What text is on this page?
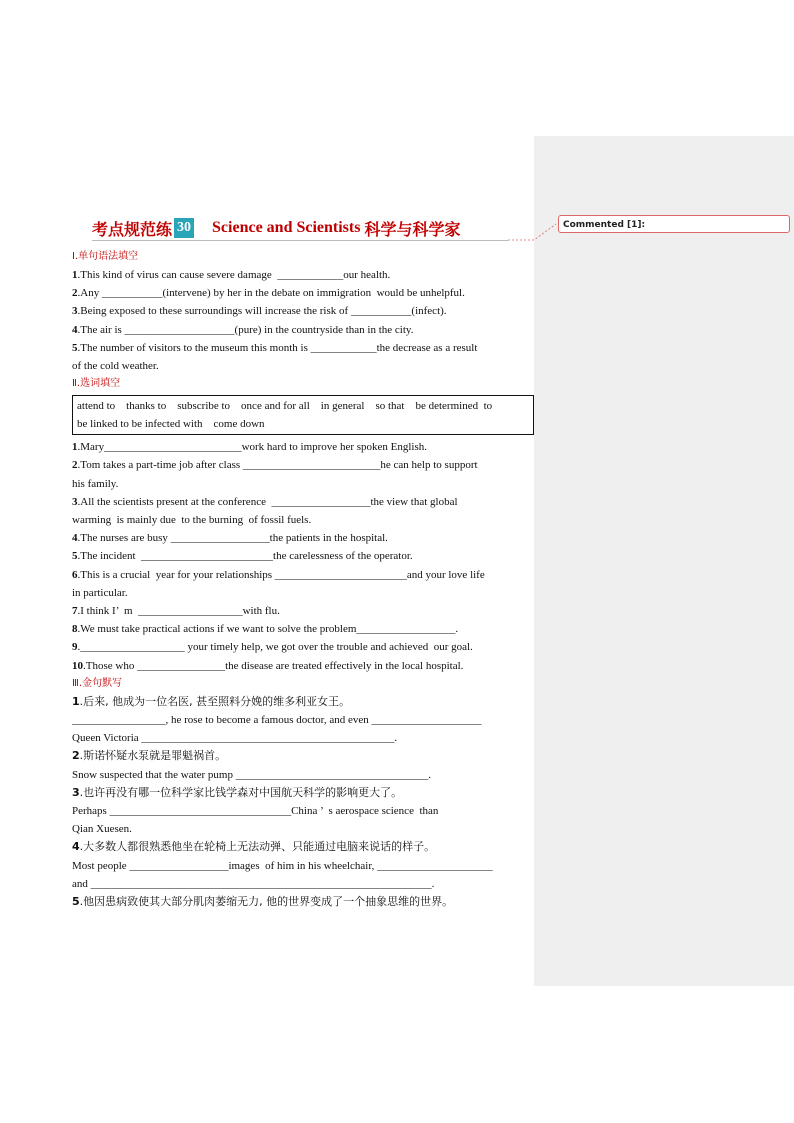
Commented [1]:
考点规范练 30 Science and Scientists 科学与科学家
Ⅰ.单句语法填空
1.This kind of virus can cause severe damage  ____________our health.
2.Any ___________(intervene) by her in the debate on immigration  would be unhelpful.
3.Being exposed to these surroundings will increase the risk of ___________(infect).
4.The air is ____________________(pure) in the countryside than in the city.
5.The number of visitors to the museum this month is ____________the decrease as a result
of the cold weather.
Ⅱ.选词填空
attend to    thanks to    subscribe to    once and for all    in general    so that    be determined  to
be linked to be infected with    come down
1.Mary_________________________work hard to improve her spoken English.
2.Tom takes a part-time job after class _________________________he can help to support
his family.
3.All the scientists present at the conference  __________________the view that global
warming  is mainly due  to the burning  of fossil fuels.
4.The nurses are busy __________________the patients in the hospital.
5.The incident  ________________________the carelessness of the operator.
6.This is a crucial  year for your relationships ________________________and your love life
in particular.
7.I think I’  m  ___________________with flu.
8.We must take practical actions if we want to solve the problem__________________.
9.___________________ your timely help, we got over the trouble and achieved  our goal.
10.Those who ________________the disease are treated effectively in the local hospital.
Ⅲ.金句默写
1.后来, 他成为一位名医, 甚至照料分娩的维多利亚女王。
_________________, he rose to become a famous doctor, and even ____________________
Queen Victoria ______________________________________________.
2.斯诺怀疑水泵就是罪魁祸首。
Snow suspected that the water pump ___________________________________.
3.也许再没有哪一位科学家比钱学森对中国航天科学的影响更大了。
Perhaps _________________________________China ’  s aerospace science  than
Qian Xuesen.
4.大多数人都很熟悉他坐在轮椅上无法动弹、只能通过电脑来说话的样子。
Most people __________________images  of him in his wheelchair, _____________________
and ______________________________________________________________.
5.他因患病致使其大部分肌肉萎缩无力, 他的世界变成了一个抽象思维的世界。
